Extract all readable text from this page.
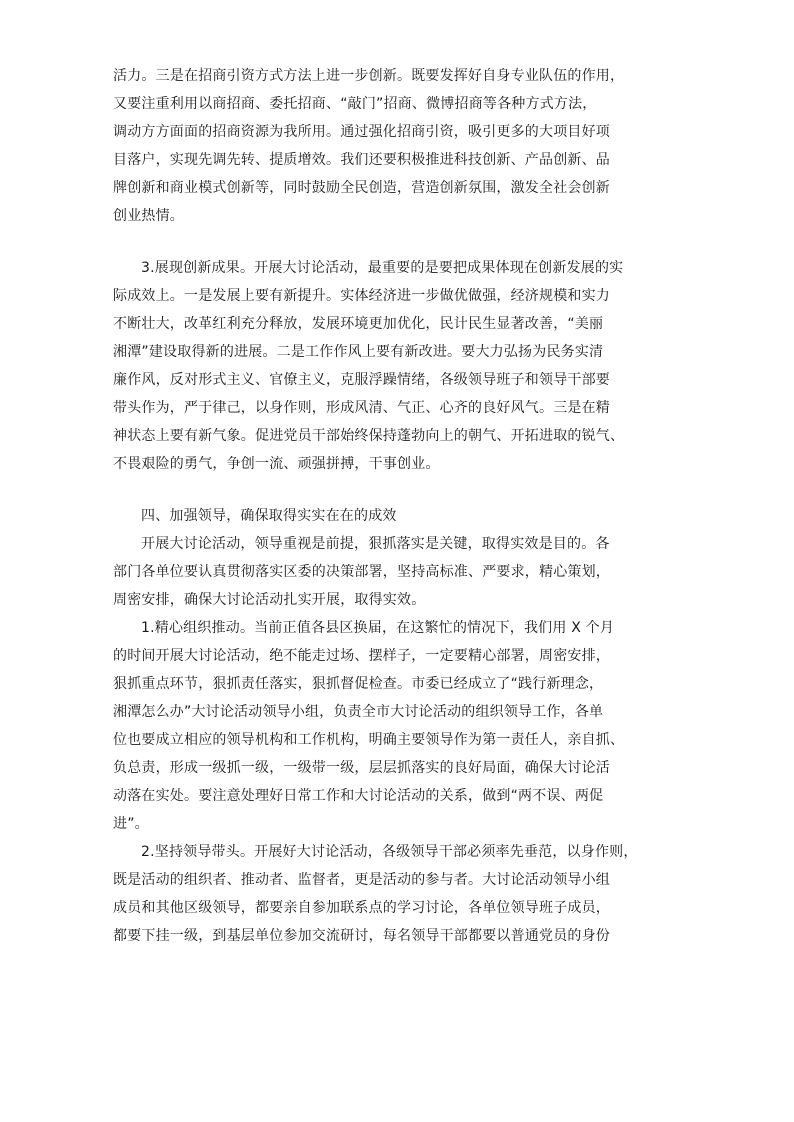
活力。三是在招商引资方式方法上进一步创新。既要发挥好自身专业队伍的作用，
又要注重利用以商招商、委托招商、“敲门”招商、微博招商等各种方式方法，
调动方方面面的招商资源为我所用。通过强化招商引资，吸引更多的大项目好项
目落户，实现先调先转、提质增效。我们还要积极推进科技创新、产品创新、品
牌创新和商业模式创新等，同时鼓励全民创造，营造创新氛围，激发全社会创新
创业热情。
3.展现创新成果。开展大讨论活动，最重要的是要把成果体现在创新发展的实
际成效上。一是发展上要有新提升。实体经济进一步做优做强，经济规模和实力
不断壮大，改革红利充分释放，发展环境更加优化，民计民生显著改善，“美丽
湘潭”建设取得新的进展。二是工作作风上要有新改进。要大力弘扬为民务实清
廉作风，反对形式主义、官僚主义，克服浮躁情绪，各级领导班子和领导干部要
带头作为，严于律己，以身作则，形成风清、气正、心齐的良好风气。三是在精
神状态上要有新气象。促进党员干部始终保持蓬勃向上的朝气、开拓进取的锐气、
不畏艰险的勇气，争创一流、顽强拼搏，干事创业。
四、加强领导，确保取得实实在在的成效
开展大讨论活动，领导重视是前提，狠抓落实是关键，取得实效是目的。各
部门各单位要认真贯彻落实区委的决策部署，坚持高标准、严要求，精心策划，
周密安排，确保大讨论活动扎实开展，取得实效。
1.精心组织推动。当前正值各县区换届，在这繁忙的情况下，我们用 X 个月
的时间开展大讨论活动，绝不能走过场、摆样子，一定要精心部署，周密安排，
狠抓重点环节，狠抓责任落实，狠抓督促检查。市委已经成立了“践行新理念，
湘潭怎么办”大讨论活动领导小组，负责全市大讨论活动的组织领导工作，各单
位也要成立相应的领导机构和工作机构，明确主要领导作为第一责任人，亲自抓、
负总责，形成一级抓一级，一级带一级，层层抓落实的良好局面，确保大讨论活
动落在实处。要注意处理好日常工作和大讨论活动的关系，做到“两不误、两促
进”。
2.坚持领导带头。开展好大讨论活动，各级领导干部必须率先垂范，以身作则，
既是活动的组织者、推动者、监督者，更是活动的参与者。大讨论活动领导小组
成员和其他区级领导，都要亲自参加联系点的学习讨论，各单位领导班子成员，
都要下挂一级，到基层单位参加交流研讨，每名领导干部都要以普通党员的身份
